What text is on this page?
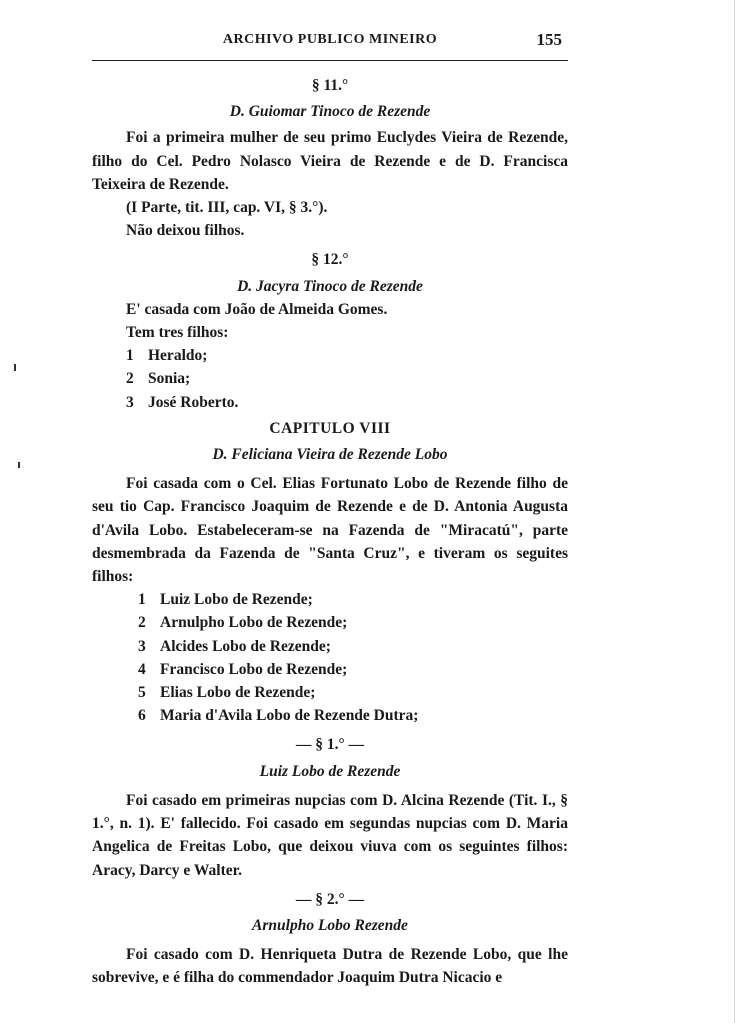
ARCHIVO PUBLICO MINEIRO	155
§ 11.°
D. Guiomar Tinoco de Rezende

Foi a primeira mulher de seu primo Euclydes Vieira de Rezende, filho do Cel. Pedro Nolasco Vieira de Rezende e de D. Francisca Teixeira de Rezende.

(I Parte, tit. III, cap. VI, § 3.°).

Não deixou filhos.

§ 12.°
D. Jacyra Tinoco de Rezende

E' casada com João de Almeida Gomes.

Tem tres filhos:

1 Heraldo;
2 Sonia;
3 José Roberto.
CAPITULO VIII
D. Feliciana Vieira de Rezende Lobo

Foi casada com o Cel. Elias Fortunato Lobo de Rezende filho de seu tio Cap. Francisco Joaquim de Rezende e de D. Antonia Augusta d'Avila Lobo. Estabeleceram-se na Fazenda de "Miracatú", parte desmembrada da Fazenda de "Santa Cruz", e tiveram os seguites filhos:

1 Luiz Lobo de Rezende;
2 Arnulpho Lobo de Rezende;
3 Alcides Lobo de Rezende;
4 Francisco Lobo de Rezende;
5 Elias Lobo de Rezende;
6 Maria d'Avila Lobo de Rezende Dutra;
— § 1.° —
Luiz Lobo de Rezende

Foi casado em primeiras nupcias com D. Alcina Rezende (Tit. I., § 1.°, n. 1). E' fallecido. Foi casado em segundas nupcias com D. Maria Angelica de Freitas Lobo, que deixou viuva com os seguintes filhos: Aracy, Darcy e Walter.

— § 2.° —
Arnulpho Lobo Rezende

Foi casado com D. Henriqueta Dutra de Rezende Lobo, que lhe sobrevive, e é filha do commendador Joaquim Dutra Nicacio e
